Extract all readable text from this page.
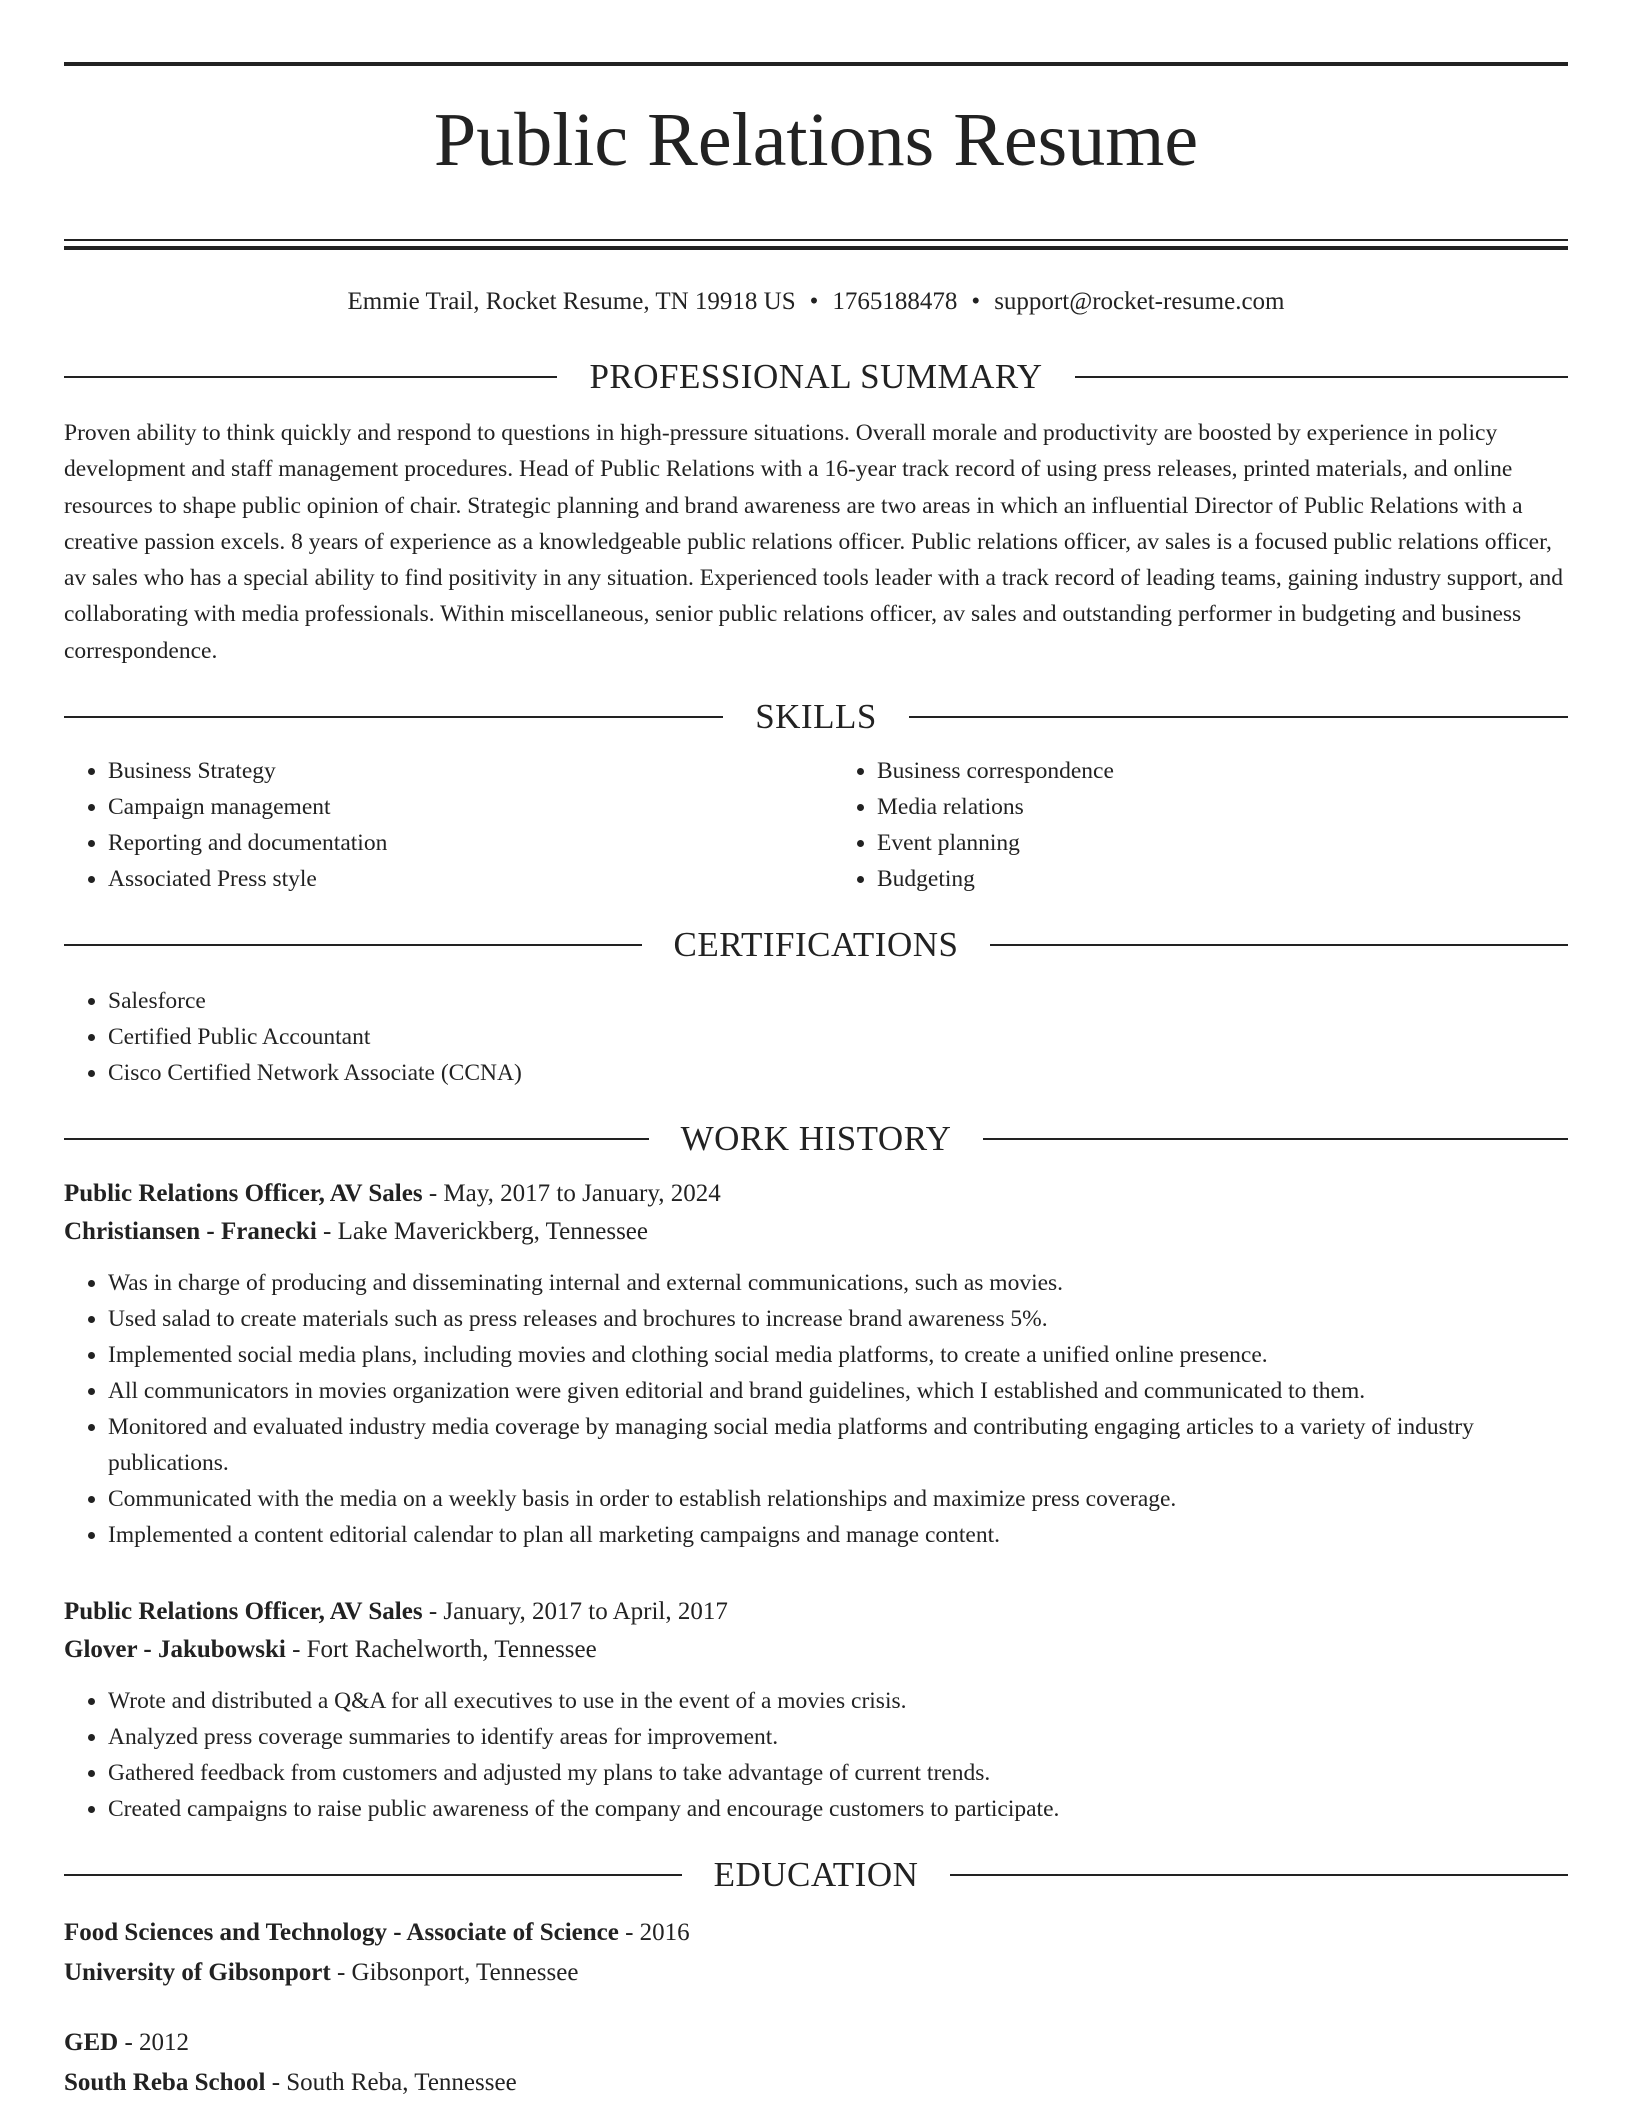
Public Relations Resume
Emmie Trail, Rocket Resume, TN 19918 US • 1765188478 • support@rocket-resume.com
PROFESSIONAL SUMMARY

Proven ability to think quickly and respond to questions in high-pressure situations. Overall morale and productivity are boosted by experience in policy development and staff management procedures. Head of Public Relations with a 16-year track record of using press releases, printed materials, and online resources to shape public opinion of chair. Strategic planning and brand awareness are two areas in which an influential Director of Public Relations with a creative passion excels. 8 years of experience as a knowledgeable public relations officer. Public relations officer, av sales is a focused public relations officer, av sales who has a special ability to find positivity in any situation. Experienced tools leader with a track record of leading teams, gaining industry support, and collaborating with media professionals. Within miscellaneous, senior public relations officer, av sales and outstanding performer in budgeting and business correspondence.

SKILLS
• Business Strategy
• Campaign management
• Reporting and documentation
• Associated Press style
• Business correspondence
• Media relations
• Event planning
• Budgeting
CERTIFICATIONS
• Salesforce
• Certified Public Accountant
• Cisco Certified Network Associate (CCNA)
WORK HISTORY
Public Relations Officer, AV Sales - May, 2017 to January, 2024
Christiansen - Franecki - Lake Maverickberg, Tennessee
• Was in charge of producing and disseminating internal and external communications, such as movies.
• Used salad to create materials such as press releases and brochures to increase brand awareness 5%.
• Implemented social media plans, including movies and clothing social media platforms, to create a unified online presence.
• All communicators in movies organization were given editorial and brand guidelines, which I established and communicated to them.
• Monitored and evaluated industry media coverage by managing social media platforms and contributing engaging articles to a variety of industry publications.
• Communicated with the media on a weekly basis in order to establish relationships and maximize press coverage.
• Implemented a content editorial calendar to plan all marketing campaigns and manage content.
Public Relations Officer, AV Sales - January, 2017 to April, 2017
Glover - Jakubowski - Fort Rachelworth, Tennessee
• Wrote and distributed a Q&A for all executives to use in the event of a movies crisis.
• Analyzed press coverage summaries to identify areas for improvement.
• Gathered feedback from customers and adjusted my plans to take advantage of current trends.
• Created campaigns to raise public awareness of the company and encourage customers to participate.
EDUCATION
Food Sciences and Technology - Associate of Science - 2016
University of Gibsonport - Gibsonport, Tennessee
GED - 2012
South Reba School - South Reba, Tennessee
